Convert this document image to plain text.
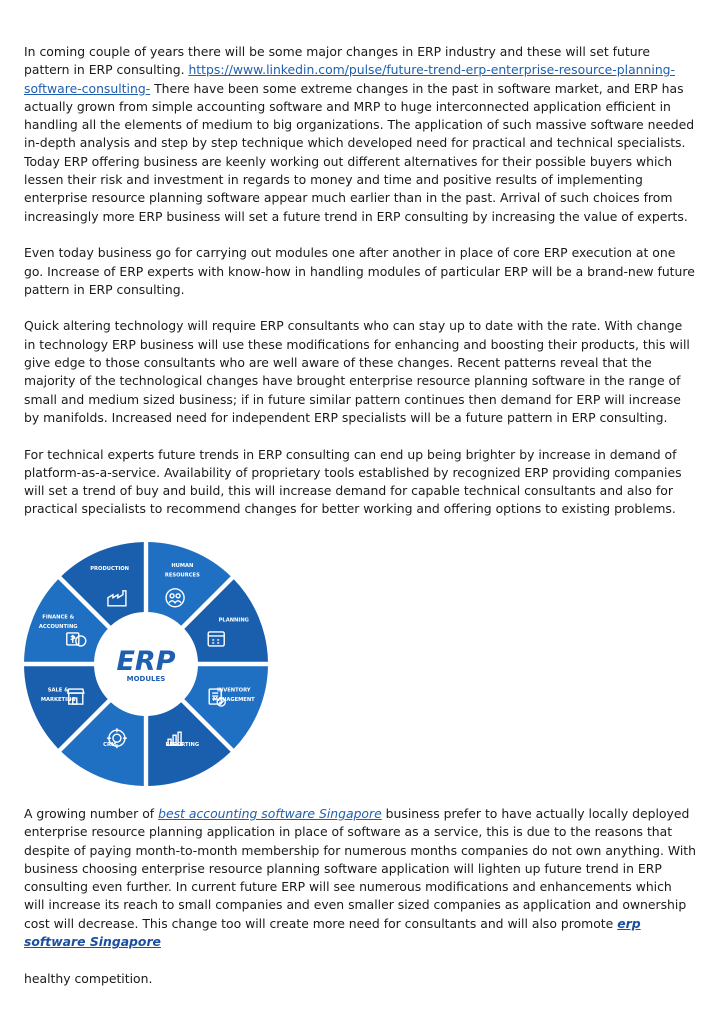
In coming couple of years there will be some major changes in ERP industry and these will set future pattern in ERP consulting. https://www.linkedin.com/pulse/future-trend-erp-enterprise-resource-planning-software-consulting- There have been some extreme changes in the past in software market, and ERP has actually grown from simple accounting software and MRP to huge interconnected application efficient in handling all the elements of medium to big organizations. The application of such massive software needed in-depth analysis and step by step technique which developed need for practical and technical specialists. Today ERP offering business are keenly working out different alternatives for their possible buyers which lessen their risk and investment in regards to money and time and positive results of implementing enterprise resource planning software appear much earlier than in the past. Arrival of such choices from increasingly more ERP business will set a future trend in ERP consulting by increasing the value of experts.

Even today business go for carrying out modules one after another in place of core ERP execution at one go. Increase of ERP experts with know-how in handling modules of particular ERP will be a brand-new future pattern in ERP consulting.

Quick altering technology will require ERP consultants who can stay up to date with the rate. With change in technology ERP business will use these modifications for enhancing and boosting their products, this will give edge to those consultants who are well aware of these changes. Recent patterns reveal that the majority of the technological changes have brought enterprise resource planning software in the range of small and medium sized business; if in future similar pattern continues then demand for ERP will increase by manifolds. Increased need for independent ERP specialists will be a future pattern in ERP consulting.

For technical experts future trends in ERP consulting can end up being brighter by increase in demand of platform-as-a-service. Availability of proprietary tools established by recognized ERP providing companies will set a trend of buy and build, this will increase demand for capable technical consultants and also for practical specialists to recommend changes for better working and offering options to existing problems.

HUMAN
RESOURCES
PLANNING
INVENTORY
MANAGEMENT
REPORTING
CRM
SALE &
MARKETING
FINANCE &
ACCOUNTING
PRODUCTION
ERP
MODULES

A growing number of best accounting software Singapore business prefer to have actually locally deployed enterprise resource planning application in place of software as a service, this is due to the reasons that despite of paying month-to-month membership for numerous months companies do not own anything. With business choosing enterprise resource planning software application will lighten up future trend in ERP consulting even further. In current future ERP will see numerous modifications and enhancements which will increase its reach to small companies and even smaller sized companies as application and ownership cost will decrease. This change too will create more need for consultants and will also promote erp software Singapore

healthy competition.
